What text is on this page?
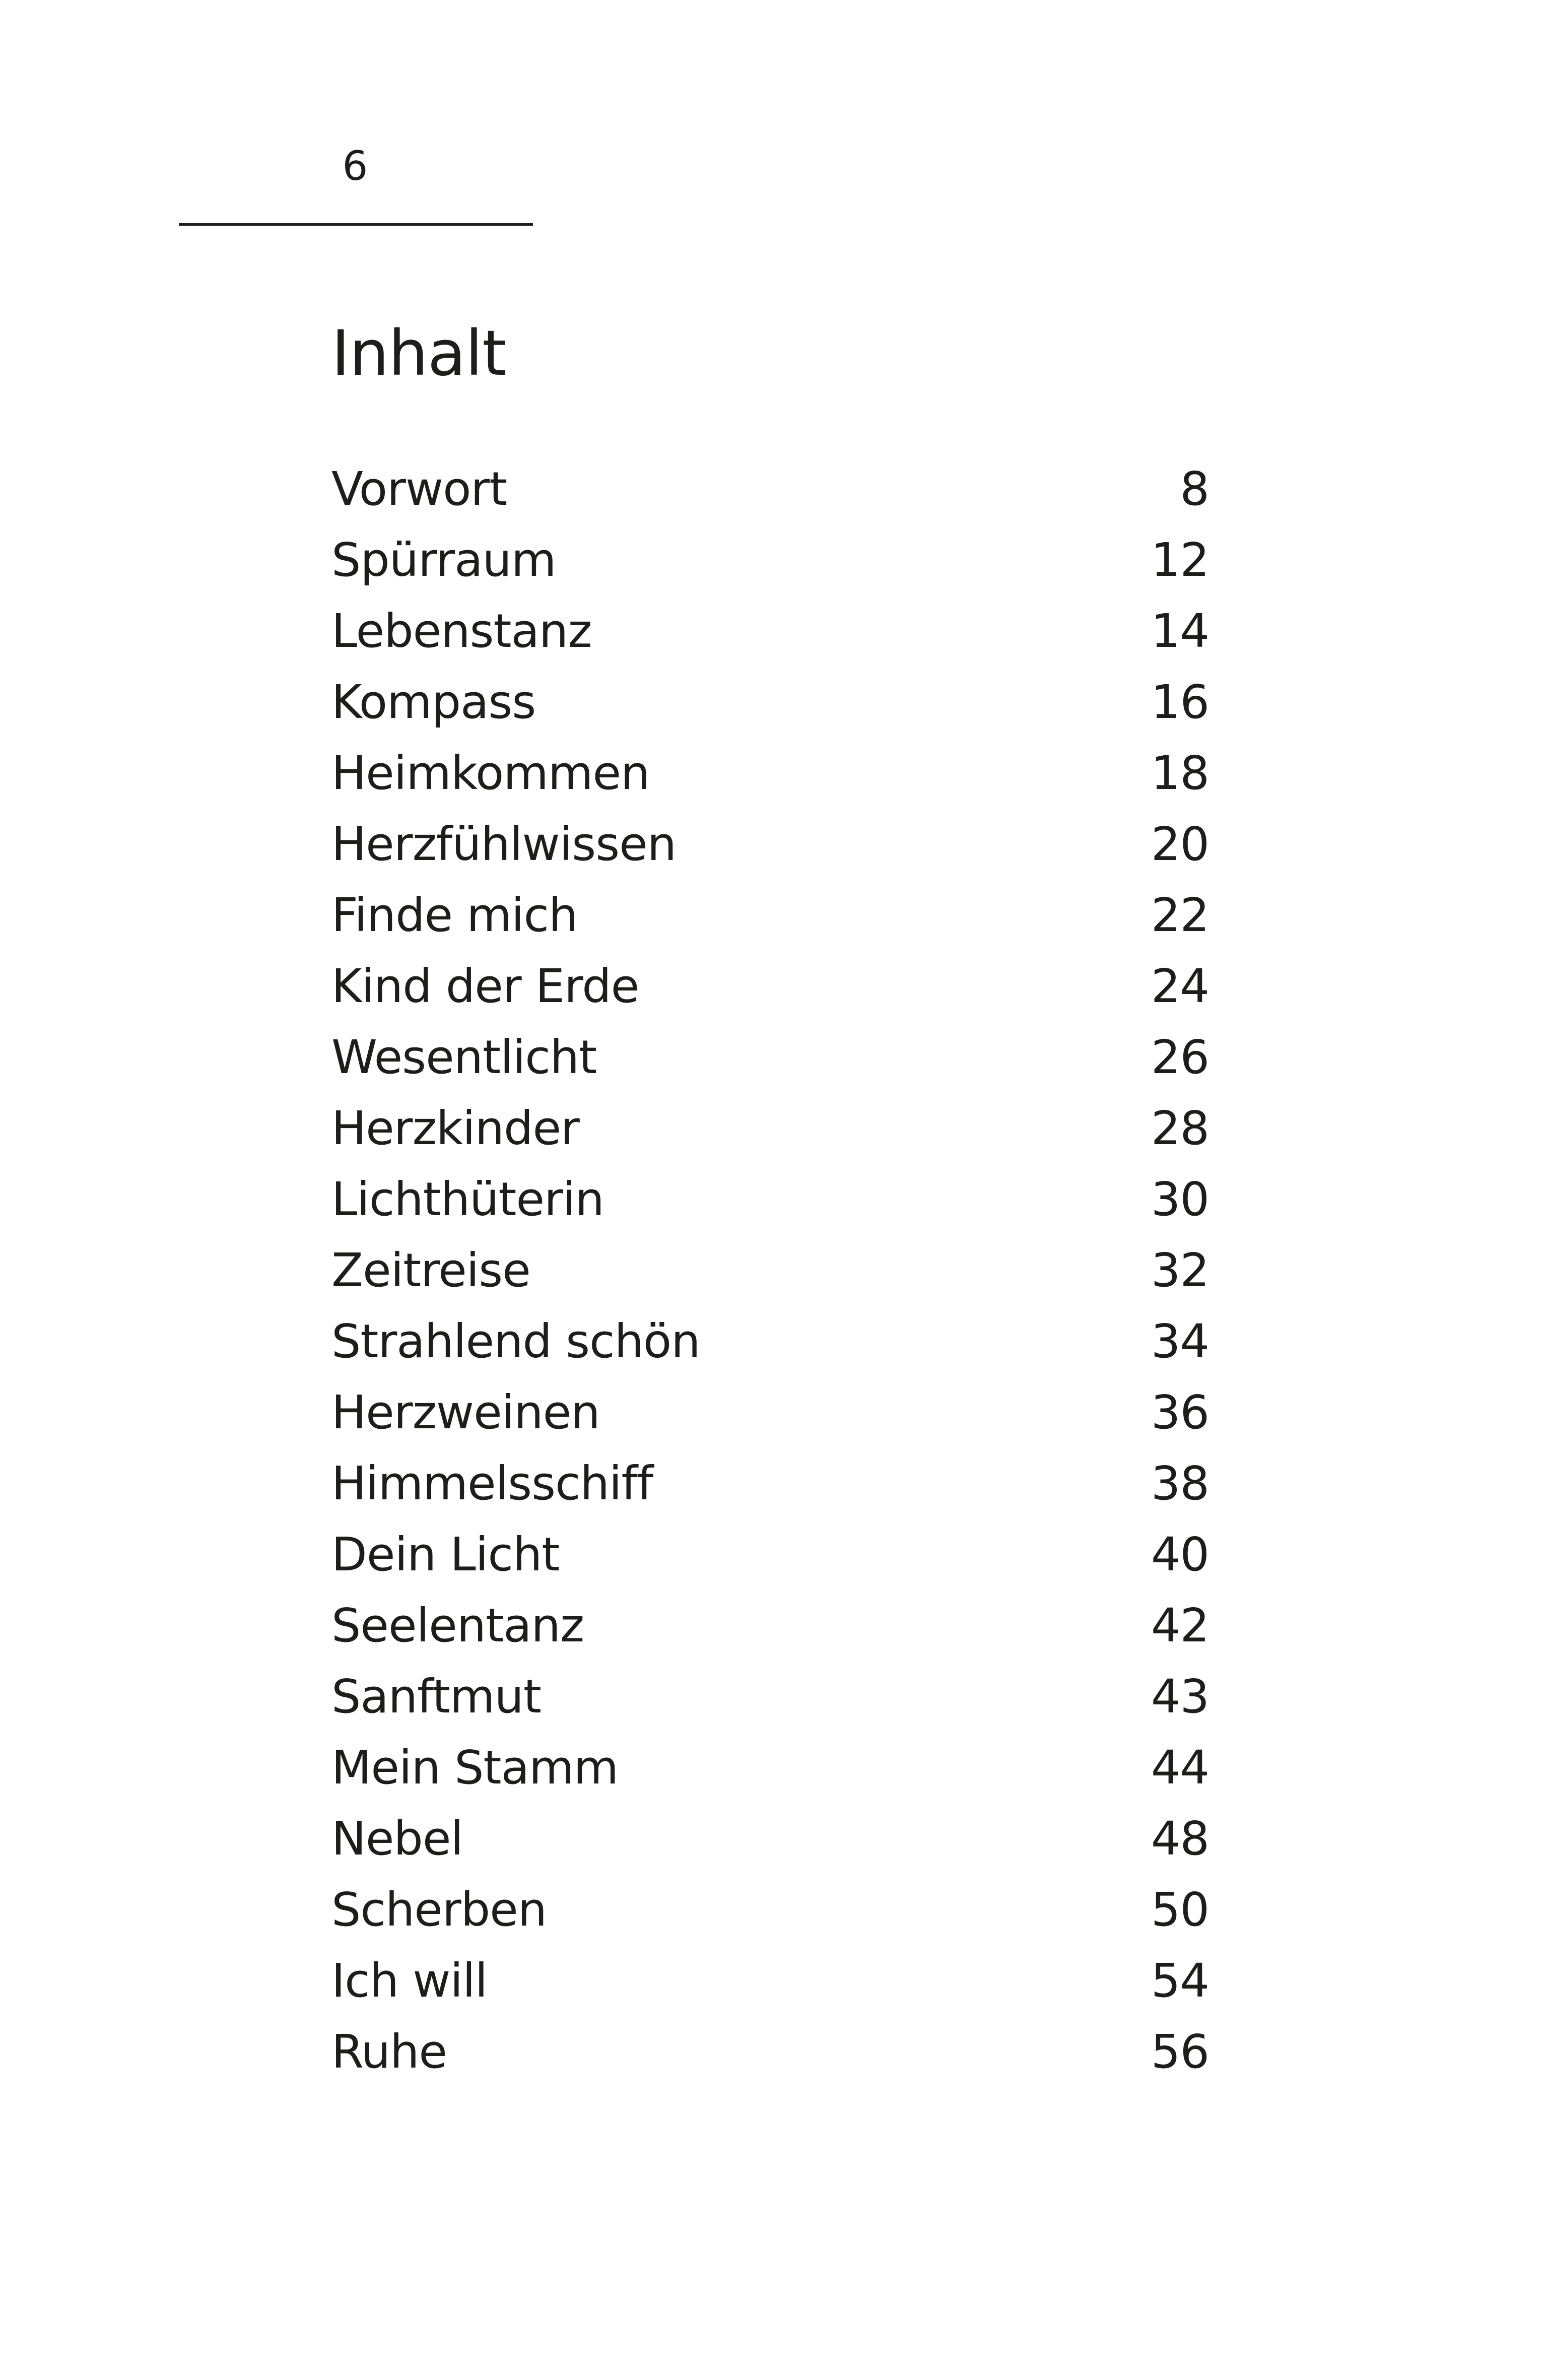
6
Inhalt
Vorwort	8
Spürraum	12
Lebenstanz	14
Kompass	16
Heimkommen	18
Herzfühlwissen	20
Finde mich	22
Kind der Erde	24
Wesentlicht	26
Herzkinder	28
Lichthüterin	30
Zeitreise	32
Strahlend schön	34
Herzweinen	36
Himmelsschiff	38
Dein Licht	40
Seelentanz	42
Sanftmut	43
Mein Stamm	44
Nebel	48
Scherben	50
Ich will	54
Ruhe	56
